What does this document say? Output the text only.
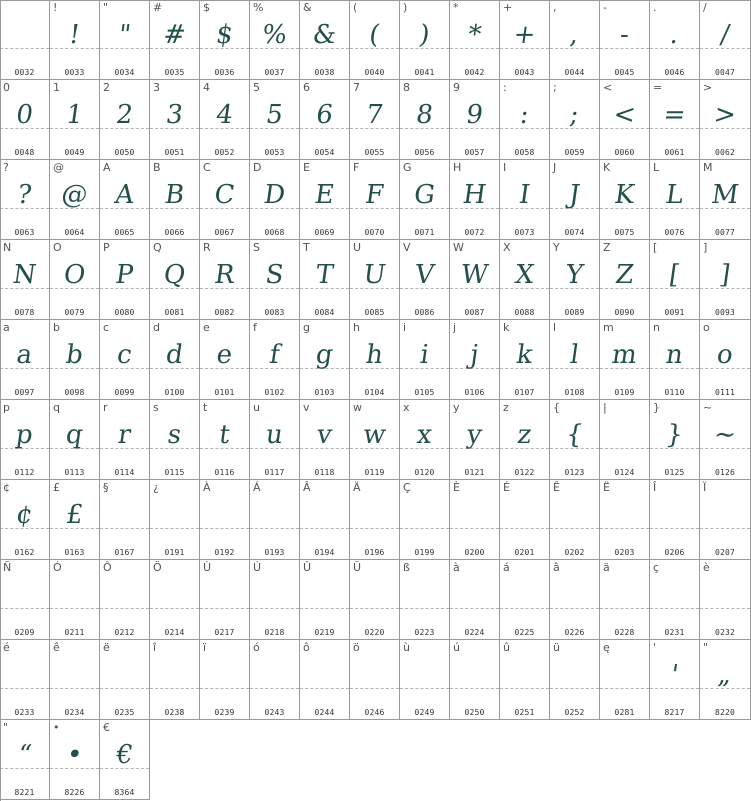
0032
!
!
0033
"
"
0034
#
#
0035
$
$
0036
%
%
0037
&
&
0038
(
(
0040
)
)
0041
*
*
0042
+
+
0043
,
,
0044
-
-
0045
.
.
0046
/
/
0047
0
0
0048
1
1
0049
2
2
0050
3
3
0051
4
4
0052
5
5
0053
6
6
0054
7
7
0055
8
8
0056
9
9
0057
:
:
0058
;
;
0059
<
<
0060
=
=
0061
>
>
0062
?
?
0063
@
@
0064
A
A
0065
B
B
0066
C
C
0067
D
D
0068
E
E
0069
F
F
0070
G
G
0071
H
H
0072
I
I
0073
J
J
0074
K
K
0075
L
L
0076
M
M
0077
N
N
0078
O
O
0079
P
P
0080
Q
Q
0081
R
R
0082
S
S
0083
T
T
0084
U
U
0085
V
V
0086
W
W
0087
X
X
0088
Y
Y
0089
Z
Z
0090
[
[
0091
]
]
0093
a
a
0097
b
b
0098
c
c
0099
d
d
0100
e
e
0101
f
f
0102
g
g
0103
h
h
0104
i
i
0105
j
j
0106
k
k
0107
l
l
0108
m
m
0109
n
n
0110
o
o
0111
p
p
0112
q
q
0113
r
r
0114
s
s
0115
t
t
0116
u
u
0117
v
v
0118
w
w
0119
x
x
0120
y
y
0121
z
z
0122
{
{
0123
|
0124
}
}
0125
~
~
0126
¢
¢
0162
£
£
0163
§
0167
¿
0191
À
0192
Á
0193
Â
0194
Ä
0196
Ç
0199
È
0200
É
0201
Ê
0202
Ë
0203
Î
0206
Ï
0207
Ñ
0209
Ó
0211
Ô
0212
Ö
0214
Ù
0217
Ú
0218
Û
0219
Ü
0220
ß
0223
à
0224
á
0225
â
0226
ä
0228
ç
0231
è
0232
é
0233
ê
0234
ë
0235
î
0238
ï
0239
ó
0243
ô
0244
ö
0246
ù
0249
ú
0250
û
0251
ü
0252
ę
0281
'
'
8217
"
„
8220
"
“
8221
•
•
8226
€
€
8364
